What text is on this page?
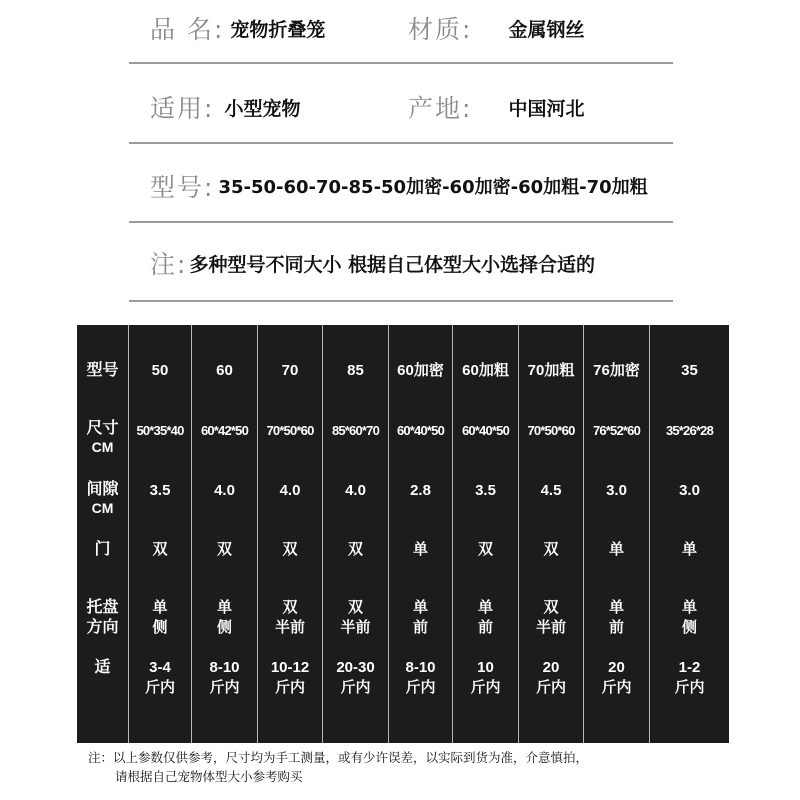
品 名: 宠物折叠笼	材质: 金属钢丝
适用: 小型宠物	产地: 中国河北
型号: 35-50-60-70-85-50加密-60加密-60加粗-70加粗
注: 多种型号不同大小 根据自己体型大小选择合适的
型号
尺寸
CM
间隙
CM
门
托盘
方向
适
50
50*35*40
3.5
双
单
侧
3-4
斤内
60
60*42*50
4.0
双
单
侧
8-10
斤内
70
70*50*60
4.0
双
双
半前
10-12
斤内
85
85*60*70
4.0
双
双
半前
20-30
斤内
60加密
60*40*50
2.8
单
单
前
8-10
斤内
60加粗
60*40*50
3.5
双
单
前
10
斤内
70加粗
70*50*60
4.5
双
双
半前
20
斤内
76加密
76*52*60
3.0
单
单
前
20
斤内
35
35*26*28
3.0
单
单
侧
1-2
斤内
注：以上参数仅供参考，尺寸均为手工测量，或有少许误差，以实际到货为准，介意慎拍，
请根据自己宠物体型大小参考购买
